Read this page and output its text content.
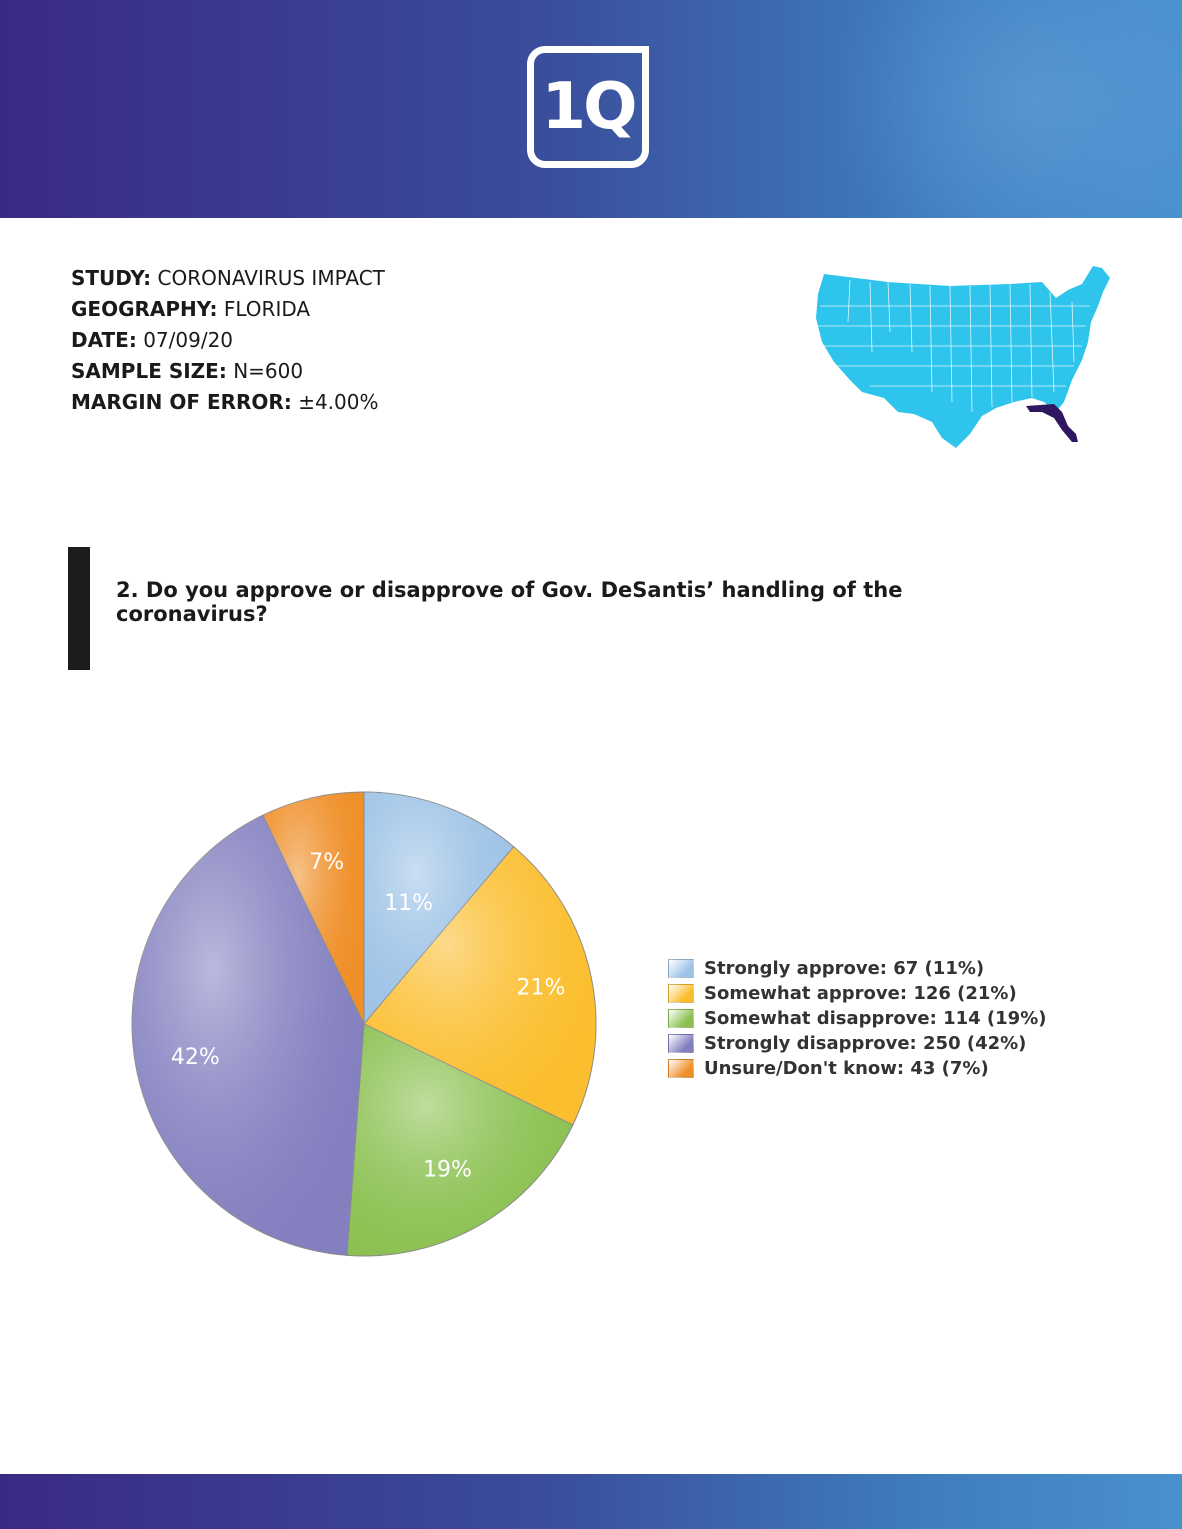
1Q
STUDY: CORONAVIRUS IMPACT
GEOGRAPHY: FLORIDA
DATE: 07/09/20
SAMPLE SIZE: N=600
MARGIN OF ERROR: ±4.00%
2. Do you approve or disapprove of Gov. DeSantis’ handling of the coronavirus?
11%
21%
19%
42%
7%
Strongly approve: 67 (11%)
Somewhat approve: 126 (21%)
Somewhat disapprove: 114 (19%)
Strongly disapprove: 250 (42%)
Unsure/Don't know: 43 (7%)
